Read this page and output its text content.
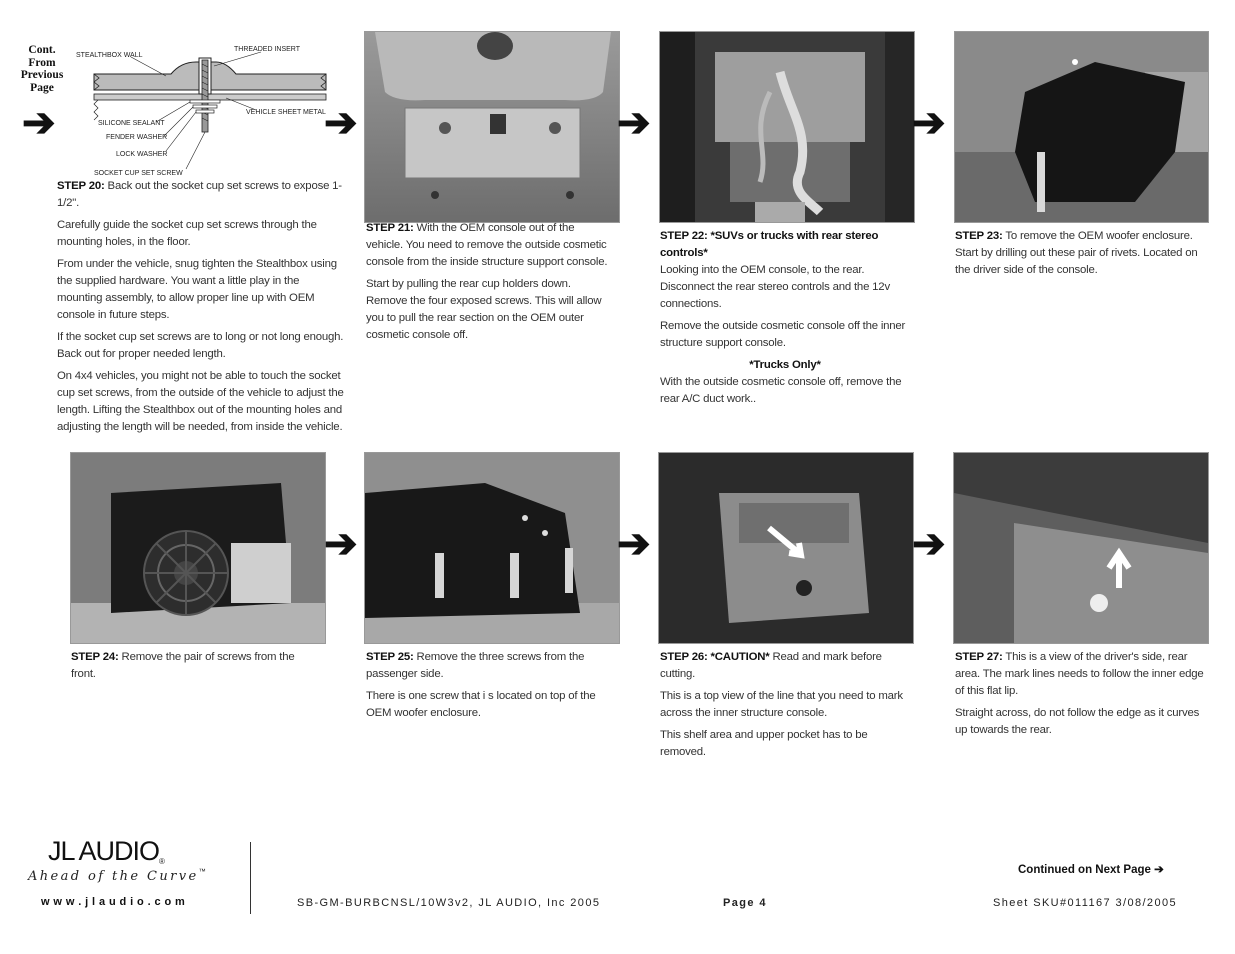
Cont.
From
Previous
Page
➔
STEALTHBOX WALL
THREADED INSERT
SILICONE SEALANT
FENDER WASHER
LOCK WASHER
SOCKET CUP SET SCREW
VEHICLE SHEET METAL
➔	➔	➔

STEP 20: Back out the socket cup set screws to expose 1-1/2".

Carefully guide the socket cup set screws through the mounting holes, in the floor.

From under the vehicle, snug tighten the Stealthbox using the supplied hardware. You want a little play in the mounting assembly, to allow proper line up with OEM console in future steps.

If the socket cup set screws are to long or not long enough. Back out for proper needed length.

On 4x4 vehicles, you might not be able to touch the socket cup set screws, from the outside of the vehicle to adjust the length. Lifting the Stealthbox out of the mounting holes and adjusting the length will be needed, from inside the vehicle.

STEP 21: With the OEM console out of the vehicle. You need to remove the outside cosmetic console from the inside structure support console.

Start by pulling the rear cup holders down. Remove the four exposed screws. This will allow you to pull the rear section on the OEM outer cosmetic console off.

STEP 22: *SUVs or trucks with rear stereo controls*

Looking into the OEM console, to the rear. Disconnect the rear stereo controls and the 12v connections.

Remove the outside cosmetic console off the inner structure support console.

*Trucks Only*

With the outside cosmetic console off, remove the rear A/C duct work..

STEP 23: To remove the OEM woofer enclosure. Start by drilling out these pair of rivets. Located on the driver side of the console.

➔	➔	➔

STEP 24: Remove the pair of screws from the front.

STEP 25: Remove the three screws from the passenger side.

There is one screw that i s located on top of the OEM woofer enclosure.

STEP 26: *CAUTION* Read and mark before cutting.

This is a top view of the line that you need to mark across the inner structure console.

This shelf area and upper pocket has to be removed.

STEP 27: This is a view of the driver's side, rear area. The mark lines needs to follow the inner edge of this flat lip.

Straight across, do not follow the edge as it curves up towards the rear.

JL $AUDIO_®$
Ahead of the Curve™
w w w . j l a u d i o . c o m	SB-GM-BURBCNSL/10W3v2, JL AUDIO, Inc 2005	Page 4	Sheet SKU#011167 3/08/2005
Continued on Next Page ➔
